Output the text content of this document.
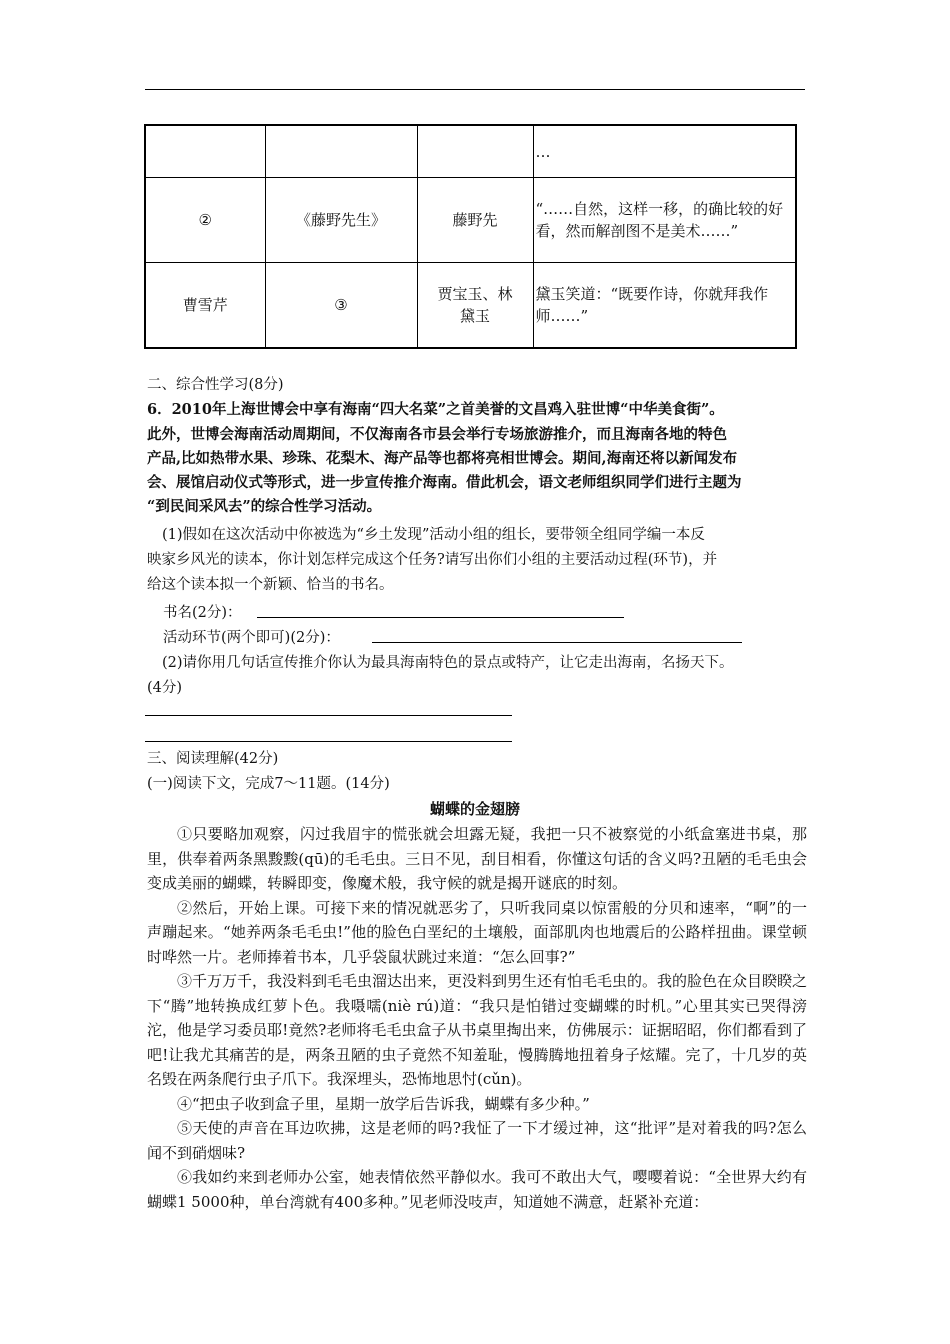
			…
②	《藤野先生》	藤野先	“……自然，这样一移，的确比较的好看，然而解剖图不是美术……”
曹雪芹	③	贾宝玉、林黛玉	黛玉笑道：“既要作诗，你就拜我作师……”
二、综合性学习(8分)
6．2010年上海世博会中享有海南“四大名菜”之首美誉的文昌鸡入驻世博“中华美食街”。
此外，世博会海南活动周期间，不仅海南各市县会举行专场旅游推介，而且海南各地的特色
产品,比如热带水果、珍珠、花梨木、海产品等也都将亮相世博会。期间,海南还将以新闻发布
会、展馆启动仪式等形式，进一步宣传推介海南。借此机会，语文老师组织同学们进行主题为
“到民间采风去”的综合性学习活动。
(1)假如在这次活动中你被选为“乡土发现”活动小组的组长，要带领全组同学编一本反
映家乡风光的读本，你计划怎样完成这个任务?请写出你们小组的主要活动过程(环节)，并
给这个读本拟一个新颖、恰当的书名。
书名(2分)：
活动环节(两个即可)(2分)：
(2)请你用几句话宣传推介你认为最具海南特色的景点或特产，让它走出海南，名扬天下。
(4分)
三、阅读理解(42分)
(一)阅读下文，完成7～11题。(14分)
蝴蝶的金翅膀

①只要略加观察，闪过我眉宇的慌张就会坦露无疑，我把一只不被察觉的小纸盒塞进书桌，那里，供奉着两条黑黢黢(qū)的毛毛虫。三日不见，刮目相看，你懂这句话的含义吗?丑陋的毛毛虫会变成美丽的蝴蝶，转瞬即变，像魔术般，我守候的就是揭开谜底的时刻。

②然后，开始上课。可接下来的情况就恶劣了，只听我同桌以惊雷般的分贝和速率，“啊”的一声蹦起来。“她养两条毛毛虫!”他的脸色白垩纪的土壤般，面部肌肉也地震后的公路样扭曲。课堂顿时哗然一片。老师捧着书本，几乎袋鼠状跳过来道：“怎么回事?”

③千万万千，我没料到毛毛虫溜达出来，更没料到男生还有怕毛毛虫的。我的脸色在众目睽睽之下“腾”地转换成红萝卜色。我嗫嚅(niè rú)道：“我只是怕错过变蝴蝶的时机。”心里其实已哭得滂沱，他是学习委员耶!竟然?老师将毛毛虫盒子从书桌里掏出来，仿佛展示：证据昭昭，你们都看到了吧!让我尤其痛苦的是，两条丑陋的虫子竟然不知羞耻，慢腾腾地扭着身子炫耀。完了，十几岁的英名毁在两条爬行虫子爪下。我深埋头，恐怖地思忖(cǔn)。

④“把虫子收到盒子里，星期一放学后告诉我，蝴蝶有多少种。”

⑤天使的声音在耳边吹拂，这是老师的吗?我怔了一下才缓过神，这“批评”是对着我的吗?怎么闻不到硝烟味?

⑥我如约来到老师办公室，她表情依然平静似水。我可不敢出大气，嘤嘤着说：“全世界大约有蝴蝶1 5000种，单台湾就有400多种。”见老师没吱声，知道她不满意，赶紧补充道：
